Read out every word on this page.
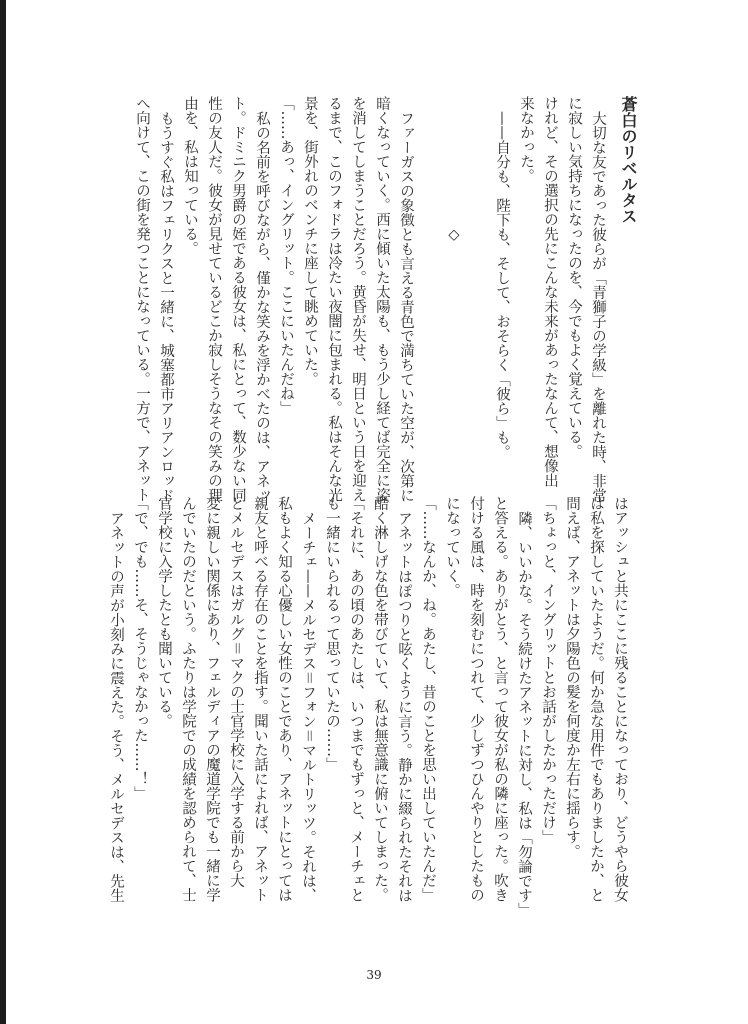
蒼白のリベルタス
大切な友であった彼らが「青獅子の学級」を離れた時、非常
に寂しい気持ちになったのを、今でもよく覚えている。
けれど、その選択の先にこんな未来があったなんて、想像出
来なかった。
——自分も、陛下も、そして、おそらく「彼ら」も。

◇

ファーガスの象徴とも言える青色で満ちていた空が、次第に
暗くなっていく。西に傾いた太陽も、もう少し経てば完全に姿
を消してしまうことだろう。黄昏が失せ、明日という日を迎え
るまで、このフォドラは冷たい夜闇に包まれる。私はそんな光
景を、街外れのベンチに座して眺めていた。
「……あっ、イングリット。ここにいたんだね」
私の名前を呼びながら、僅かな笑みを浮かべたのは、アネッ
ト。ドミニク男爵の姪である彼女は、私にとって、数少ない同
性の友人だ。彼女が見せているどこか寂しそうなその笑みの理
由を、私は知っている。
もうすぐ私はフェリクスと一緒に、城塞都市アリアンロッド
へ向けて、この街を発つことになっている。一方で、アネット
はアッシュと共にここに残ることになっており、どうやら彼女
は私を探していたようだ。何か急な用件でもありましたか、と
問えば、アネットは夕陽色の髪を何度か左右に揺らす。
「ちょっと、イングリットとお話がしたかっただけ」
隣、いいかな。そう続けたアネットに対し、私は「勿論です」
と答える。ありがとう、と言って彼女が私の隣に座った。吹き
付ける風は、時を刻むにつれて、少しずつひんやりとしたもの
になっていく。
「……なんか、ね。あたし、昔のことを思い出していたんだ」
アネットはぽつりと呟くように言う。静かに綴られたそれは
酷く淋しげな色を帯びていて、私は無意識に俯いてしまった。
「それに、あの頃のあたしは、いつまでもずっと、メーチェと
も一緒にいられるって思っていたの……」
メーチェ——メルセデス＝フォン＝マルトリッツ。それは、
私もよく知る心優しい女性のことであり、アネットにとっては
親友と呼べる存在のことを指す。聞いた話によれば、アネット
とメルセデスはガルグ＝マクの士官学校に入学する前から大
変に親しい関係にあり、フェルディアの魔道学院でも一緒に学
んでいたのだという。ふたりは学院での成績を認められて、士
官学校に入学したとも聞いている。
「で、でも……そ、そうじゃなかった……！」
アネットの声が小刻みに震えた。そう、メルセデスは、先生
39
